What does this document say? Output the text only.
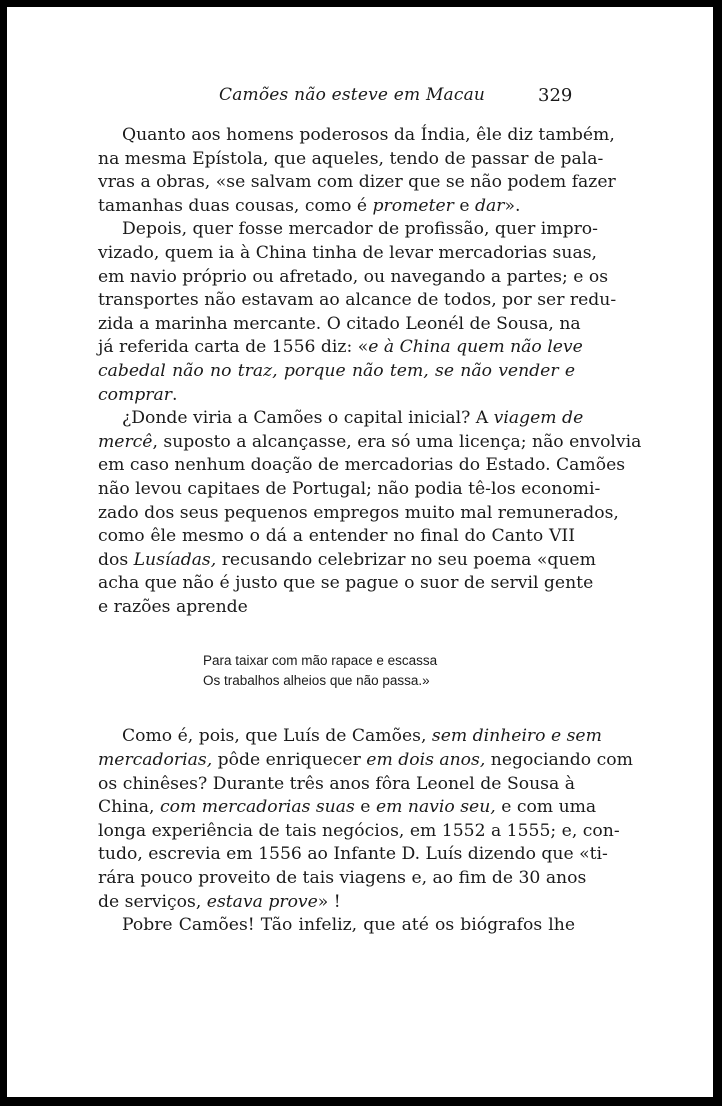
Camões não esteve em Macau	329
Quanto aos homens poderosos da Índia, êle diz também,
na mesma Epístola, que aqueles, tendo de passar de pala-
vras a obras, «se salvam com dizer que se não podem fazer
tamanhas duas cousas, como é prometer e dar».
Depois, quer fosse mercador de profissão, quer impro-
vizado, quem ia à China tinha de levar mercadorias suas,
em navio próprio ou afretado, ou navegando a partes; e os
transportes não estavam ao alcance de todos, por ser redu-
zida a marinha mercante. O citado Leonél de Sousa, na
já referida carta de 1556 diz: «e à China quem não leve
cabedal não no traz, porque não tem, se não vender e
comprar.
¿Donde viria a Camões o capital inicial? A viagem de
mercê, suposto a alcançasse, era só uma licença; não envolvia
em caso nenhum doação de mercadorias do Estado. Camões
não levou capitaes de Portugal; não podia tê-los economi-
zado dos seus pequenos empregos muito mal remunerados,
como êle mesmo o dá a entender no final do Canto VII
dos Lusíadas, recusando celebrizar no seu poema «quem
acha que não é justo que se pague o suor de servil gente
e razões aprende
Para taixar com mão rapace e escassa
Os trabalhos alheios que não passa.»
Como é, pois, que Luís de Camões, sem dinheiro e sem
mercadorias, pôde enriquecer em dois anos, negociando com
os chinêses? Durante três anos fôra Leonel de Sousa à
China, com mercadorias suas e em navio seu, e com uma
longa experiência de tais negócios, em 1552 a 1555; e, con-
tudo, escrevia em 1556 ao Infante D. Luís dizendo que «ti-
rára pouco proveito de tais viagens e, ao fim de 30 anos
de serviços, estava prove» !
Pobre Camões! Tão infeliz, que até os biógrafos lhe
